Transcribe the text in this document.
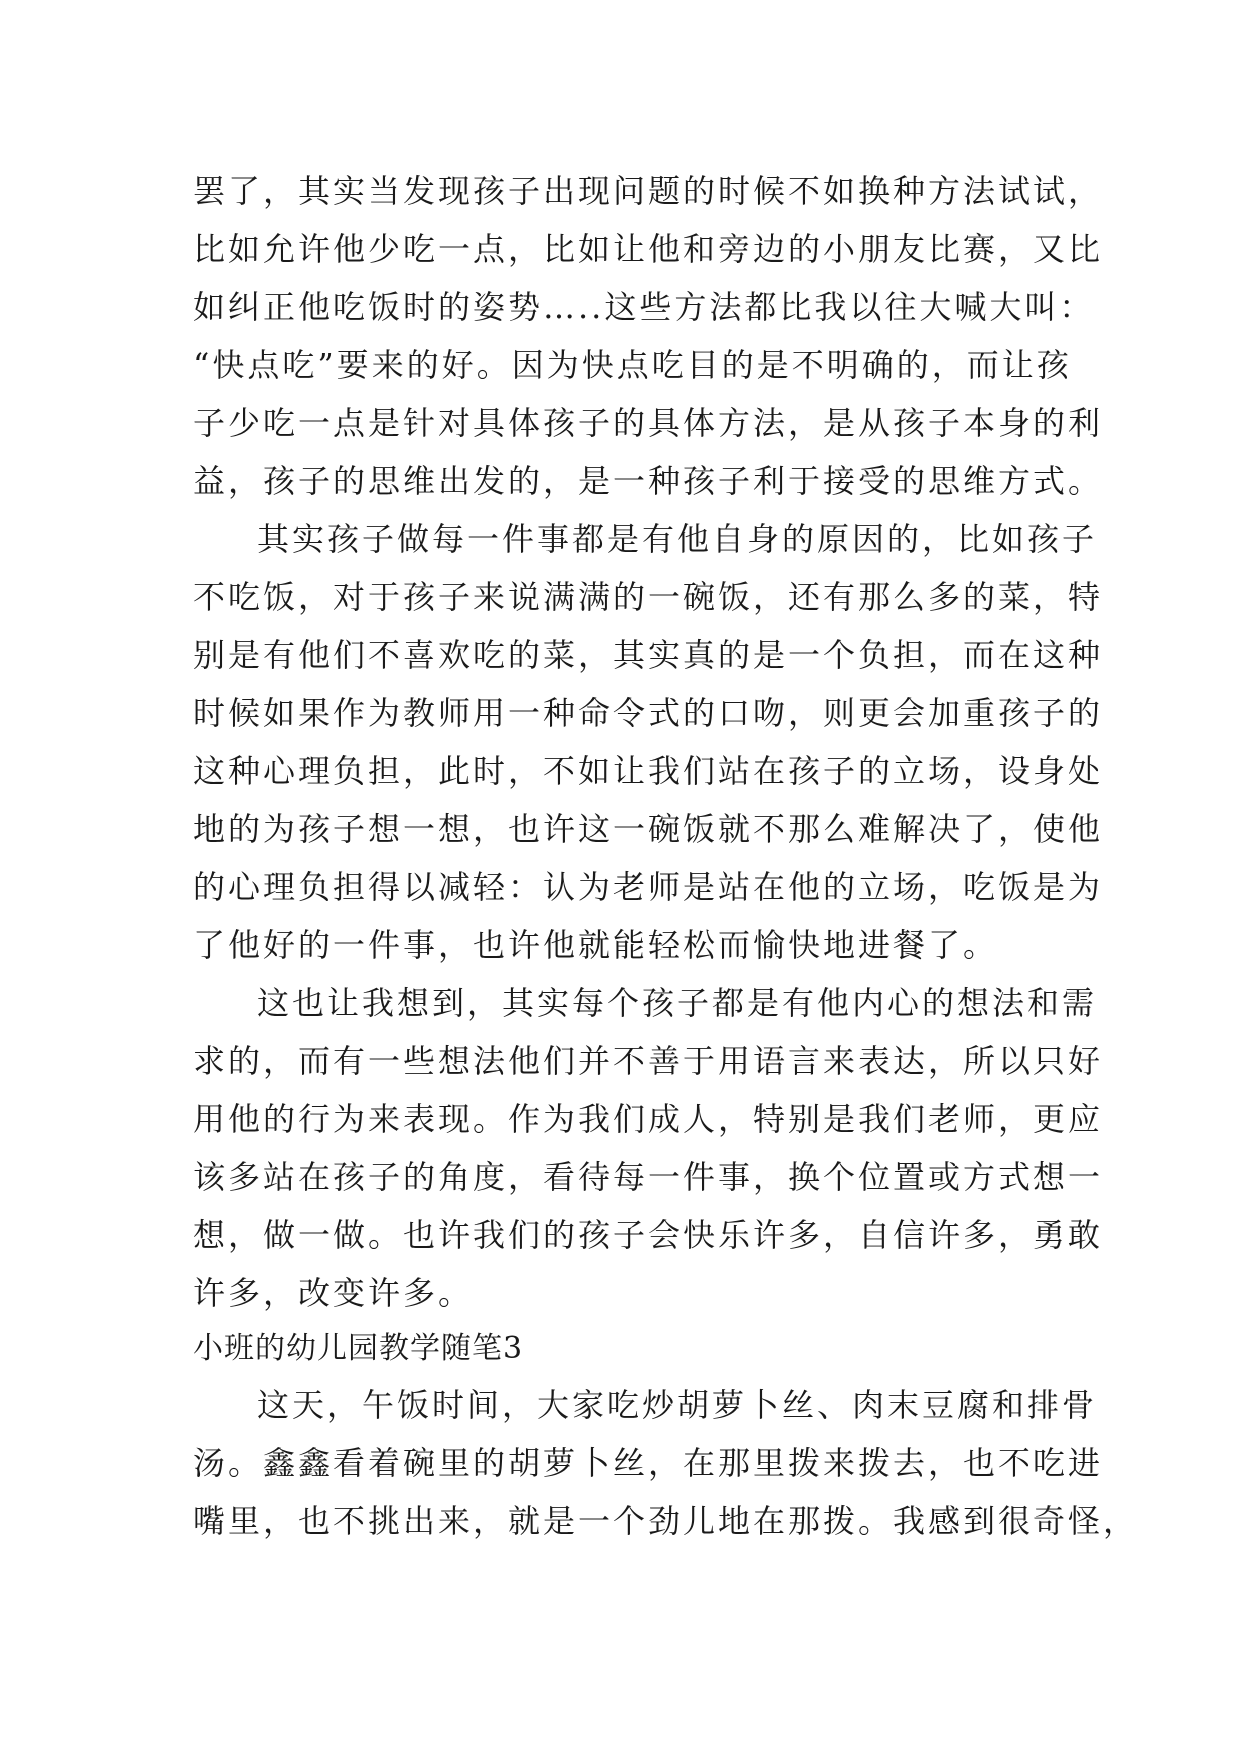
罢了，其实当发现孩子出现问题的时候不如换种方法试试，
比如允许他少吃一点，比如让他和旁边的小朋友比赛，又比
如纠正他吃饭时的姿势…..这些方法都比我以往大喊大叫：
“快点吃”要来的好。因为快点吃目的是不明确的，而让孩
子少吃一点是针对具体孩子的具体方法，是从孩子本身的利
益，孩子的思维出发的，是一种孩子利于接受的思维方式。
其实孩子做每一件事都是有他自身的原因的，比如孩子
不吃饭，对于孩子来说满满的一碗饭，还有那么多的菜，特
别是有他们不喜欢吃的菜，其实真的是一个负担，而在这种
时候如果作为教师用一种命令式的口吻，则更会加重孩子的
这种心理负担，此时，不如让我们站在孩子的立场，设身处
地的为孩子想一想，也许这一碗饭就不那么难解决了，使他
的心理负担得以减轻：认为老师是站在他的立场，吃饭是为
了他好的一件事，也许他就能轻松而愉快地进餐了。
这也让我想到，其实每个孩子都是有他内心的想法和需
求的，而有一些想法他们并不善于用语言来表达，所以只好
用他的行为来表现。作为我们成人，特别是我们老师，更应
该多站在孩子的角度，看待每一件事，换个位置或方式想一
想，做一做。也许我们的孩子会快乐许多，自信许多，勇敢
许多，改变许多。
小班的幼儿园教学随笔3
这天，午饭时间，大家吃炒胡萝卜丝、肉末豆腐和排骨
汤。鑫鑫看着碗里的胡萝卜丝，在那里拨来拨去，也不吃进
嘴里，也不挑出来，就是一个劲儿地在那拨。我感到很奇怪，
